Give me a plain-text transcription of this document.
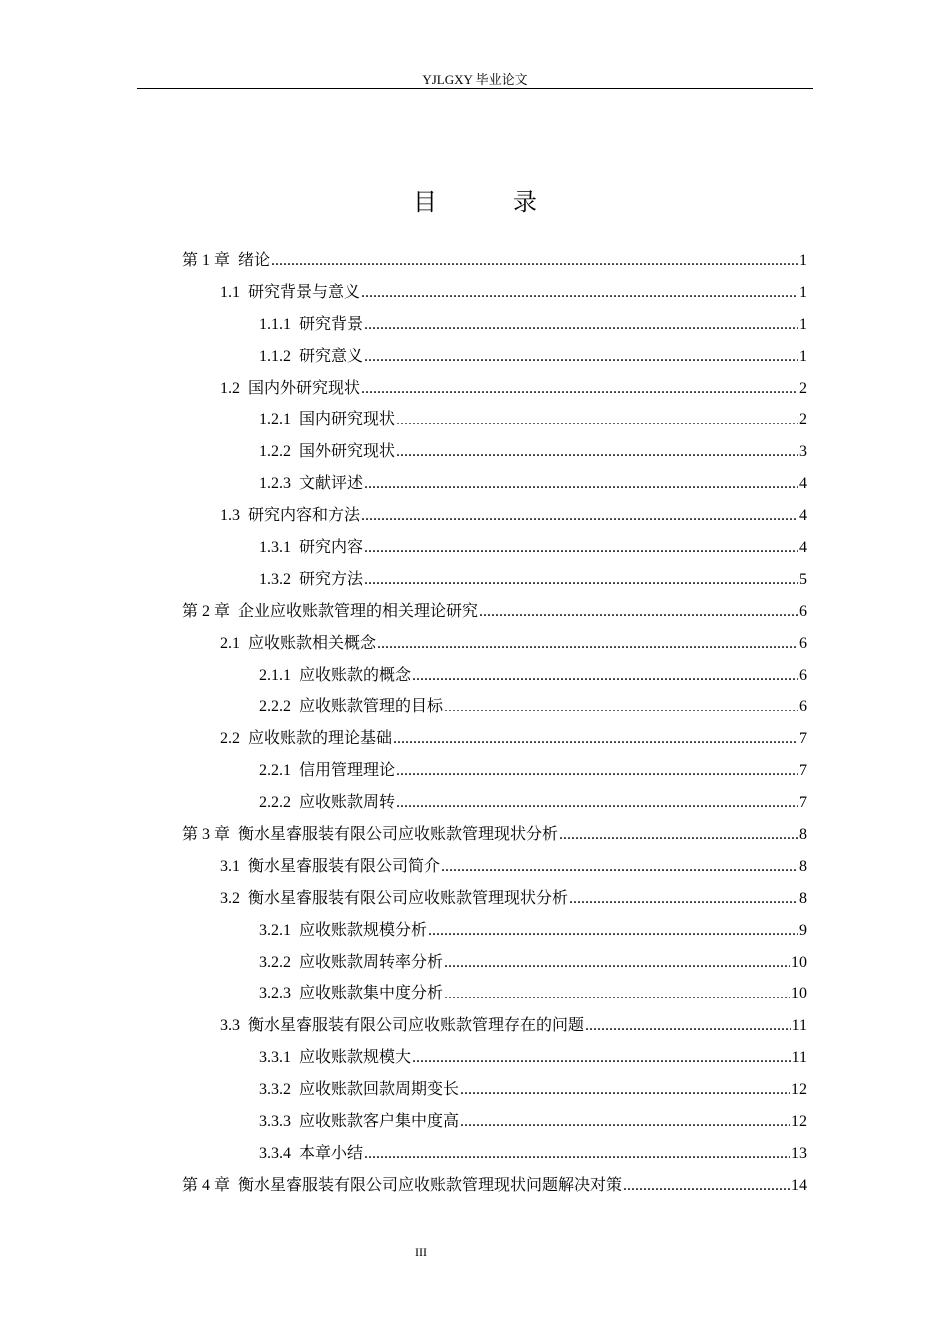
YJLGXY 毕业论文
目　录
第 1 章 绪论 .....	1
1.1 研究背景与意义 .....	1
1.1.1 研究背景 .....	1
1.1.2 研究意义 .....	1
1.2 国内外研究现状 .....	2
1.2.1 国内研究现状 .....	2
1.2.2 国外研究现状 .....	3
1.2.3 文献评述 .....	4
1.3 研究内容和方法 .....	4
1.3.1 研究内容 .....	4
1.3.2 研究方法 .....	5
第 2 章 企业应收账款管理的相关理论研究 .....	6
2.1 应收账款相关概念 .....	6
2.1.1 应收账款的概念 .....	6
2.2.2 应收账款管理的目标 .....	6
2.2 应收账款的理论基础 .....	7
2.2.1 信用管理理论 .....	7
2.2.2 应收账款周转 .....	7
第 3 章 衡水星睿服装有限公司应收账款管理现状分析 .....	8
3.1 衡水星睿服装有限公司简介 .....	8
3.2 衡水星睿服装有限公司应收账款管理现状分析 .....	8
3.2.1 应收账款规模分析 .....	9
3.2.2 应收账款周转率分析 .....	10
3.2.3 应收账款集中度分析 .....	10
3.3 衡水星睿服装有限公司应收账款管理存在的问题 .....	11
3.3.1 应收账款规模大 .....	11
3.3.2 应收账款回款周期变长 .....	12
3.3.3 应收账款客户集中度高 .....	12
3.3.4 本章小结 .....	13
第 4 章 衡水星睿服装有限公司应收账款管理现状问题解决对策 .....	14
III
